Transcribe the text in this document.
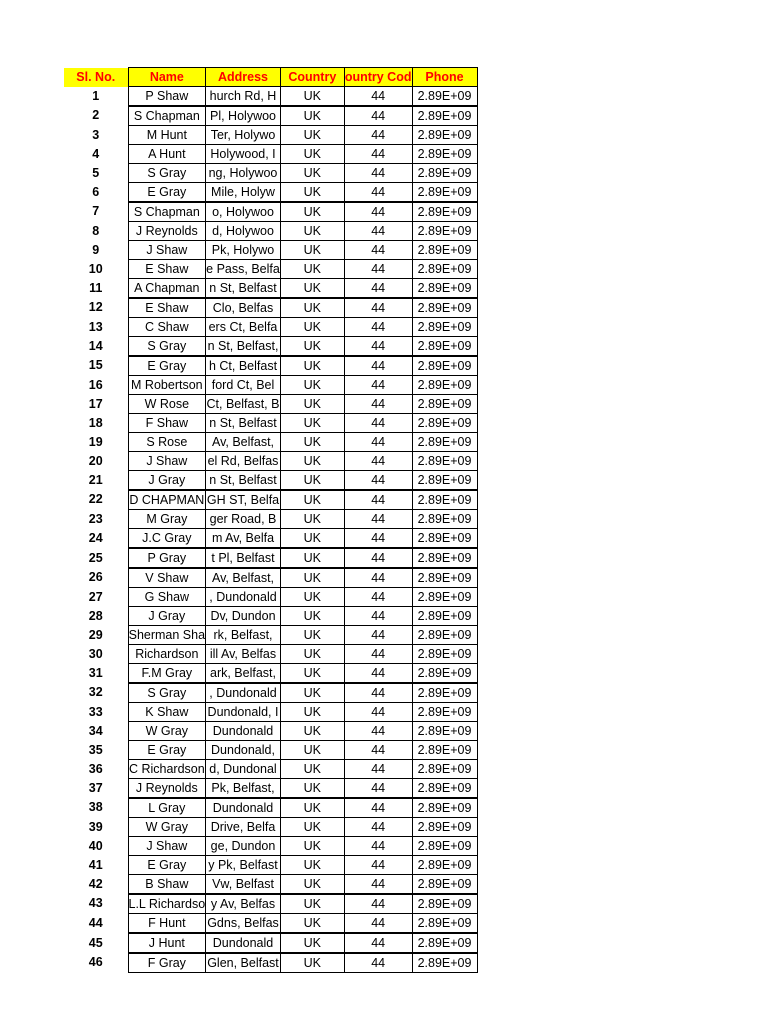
Sl. No.	Name	Address	Country	ountry Cod	Phone

1	P Shaw	hurch Rd, H	UK	44	2.89E+09

2	S Chapman	Pl, Holywoo	UK	44	2.89E+09

3	M Hunt	Ter, Holywo	UK	44	2.89E+09

4	A Hunt	Holywood, I	UK	44	2.89E+09

5	S Gray	ng, Holywoo	UK	44	2.89E+09

6	E Gray	Mile, Holyw	UK	44	2.89E+09

7	S Chapman	o, Holywoo	UK	44	2.89E+09

8	J Reynolds	d, Holywoo	UK	44	2.89E+09

9	J Shaw	Pk, Holywo	UK	44	2.89E+09

10	E Shaw	e Pass, Belfa	UK	44	2.89E+09

11	A Chapman	n St, Belfast	UK	44	2.89E+09

12	E Shaw	Clo, Belfas	UK	44	2.89E+09

13	C Shaw	ers Ct, Belfa	UK	44	2.89E+09

14	S Gray	n St, Belfast,	UK	44	2.89E+09

15	E Gray	h Ct, Belfast	UK	44	2.89E+09

16	M Robertson	ford Ct, Bel	UK	44	2.89E+09

17	W Rose	Ct, Belfast, B	UK	44	2.89E+09

18	F Shaw	n St, Belfast	UK	44	2.89E+09

19	S Rose	Av, Belfast,	UK	44	2.89E+09

20	J Shaw	el Rd, Belfas	UK	44	2.89E+09

21	J Gray	n St, Belfast	UK	44	2.89E+09

22	D CHAPMAN	GH ST, Belfa	UK	44	2.89E+09

23	M Gray	ger Road, B	UK	44	2.89E+09

24	J.C Gray	m Av, Belfa	UK	44	2.89E+09

25	P Gray	t Pl, Belfast	UK	44	2.89E+09

26	V Shaw	Av, Belfast,	UK	44	2.89E+09

27	G Shaw	, Dundonald	UK	44	2.89E+09

28	J Gray	Dv, Dundon	UK	44	2.89E+09

29	Sherman Sha	rk, Belfast,	UK	44	2.89E+09

30	Richardson	ill Av, Belfas	UK	44	2.89E+09

31	F.M Gray	ark, Belfast,	UK	44	2.89E+09

32	S Gray	, Dundonald	UK	44	2.89E+09

33	K Shaw	Dundonald, I	UK	44	2.89E+09

34	W Gray	Dundonald	UK	44	2.89E+09

35	E Gray	Dundonald,	UK	44	2.89E+09

36	C Richardson	d, Dundonal	UK	44	2.89E+09

37	J Reynolds	Pk, Belfast,	UK	44	2.89E+09

38	L Gray	Dundonald	UK	44	2.89E+09

39	W Gray	Drive, Belfa	UK	44	2.89E+09

40	J Shaw	ge, Dundon	UK	44	2.89E+09

41	E Gray	y Pk, Belfast	UK	44	2.89E+09

42	B Shaw	Vw, Belfast	UK	44	2.89E+09

43	L.L Richardso	y Av, Belfas	UK	44	2.89E+09

44	F Hunt	Gdns, Belfas	UK	44	2.89E+09

45	J Hunt	Dundonald	UK	44	2.89E+09

46	F Gray	Glen, Belfast	UK	44	2.89E+09
